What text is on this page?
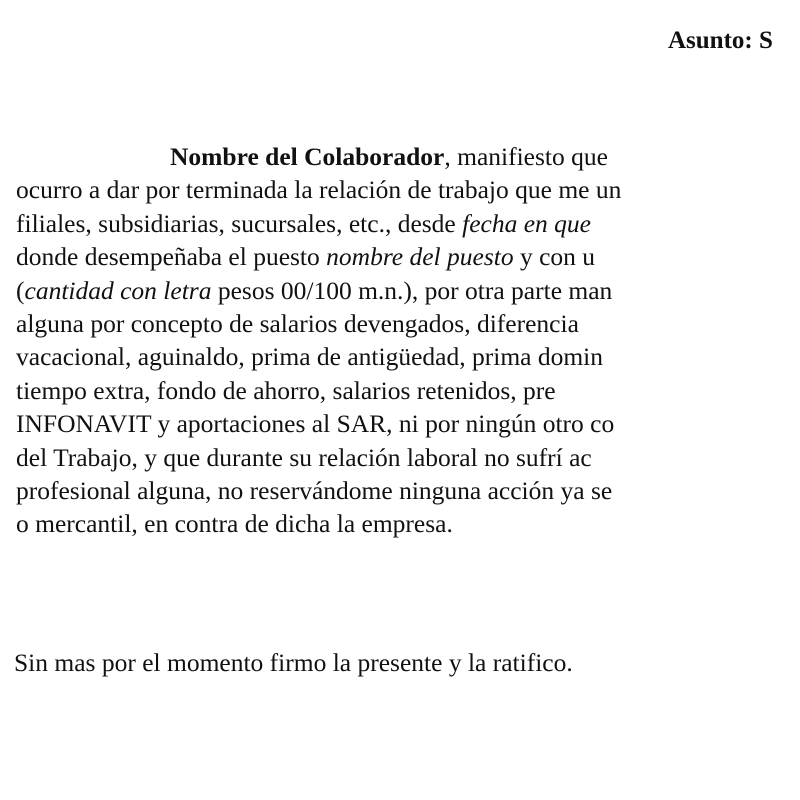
Asunto: S
Nombre del Colaborador, manifiesto que
ocurro a dar por terminada la relación de trabajo que me un
filiales, subsidiarias, sucursales, etc., desde fecha en que
donde desempeñaba el puesto nombre del puesto y con u
(cantidad con letra pesos 00/100 m.n.), por otra parte man
alguna por concepto de salarios devengados, diferencia
vacacional, aguinaldo, prima de antigüedad, prima domin
tiempo extra, fondo de ahorro, salarios retenidos, pre
INFONAVIT y aportaciones al SAR, ni por ningún otro co
del Trabajo, y que durante su relación laboral no sufrí ac
profesional alguna, no reservándome ninguna acción ya se
o mercantil, en contra de dicha la empresa.
Sin mas por el momento firmo la presente y la ratifico.
